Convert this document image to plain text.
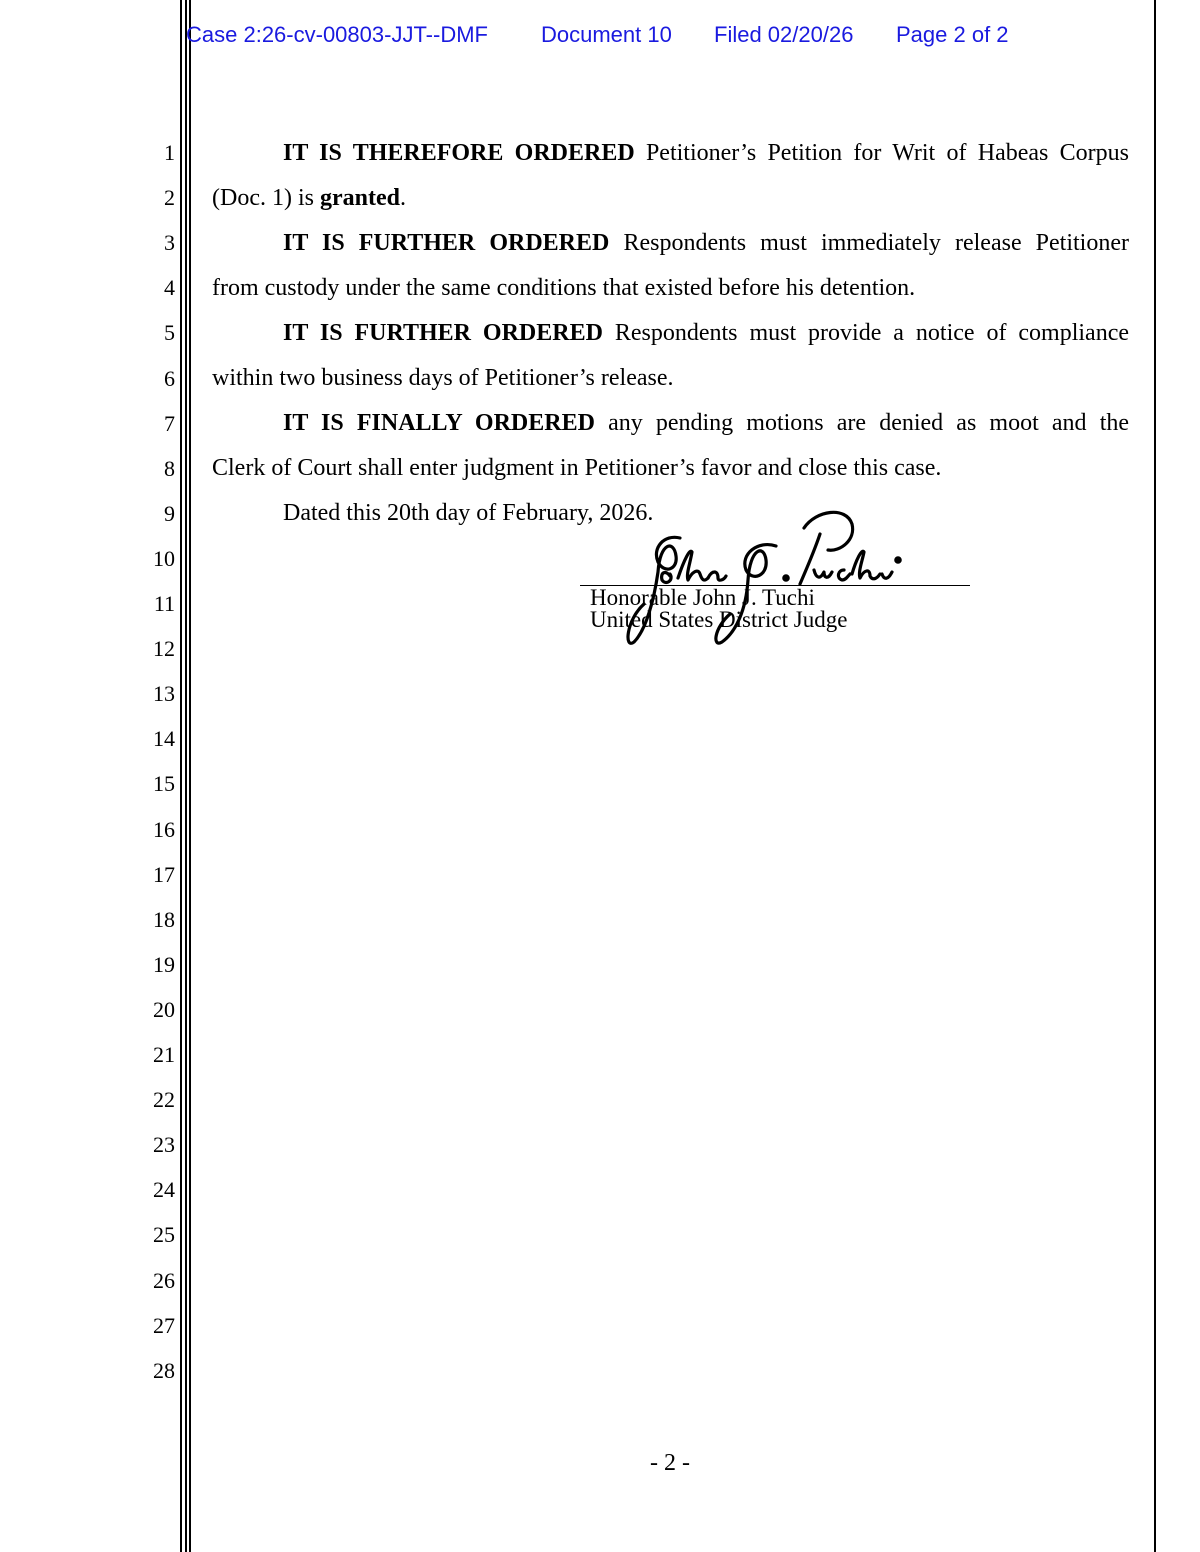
Case 2:26-cv-00803-JJT--DMF Document 10 Filed 02/20/26 Page 2 of 2
1
2
3
4
5
6
7
8
9
10
11
12
13
14
15
16
17
18
19
20
21
22
23
24
25
26
27
28
IT IS THEREFORE ORDERED Petitioner’s Petition for Writ of Habeas Corpus
(Doc. 1) is granted.
IT IS FURTHER ORDERED Respondents must immediately release Petitioner
from custody under the same conditions that existed before his detention.
IT IS FURTHER ORDERED Respondents must provide a notice of compliance
within two business days of Petitioner’s release.
IT IS FINALLY ORDERED any pending motions are denied as moot and the
Clerk of Court shall enter judgment in Petitioner’s favor and close this case.
Dated this 20th day of February, 2026.
Honorable John J. Tuchi
United States District Judge
- 2 -
